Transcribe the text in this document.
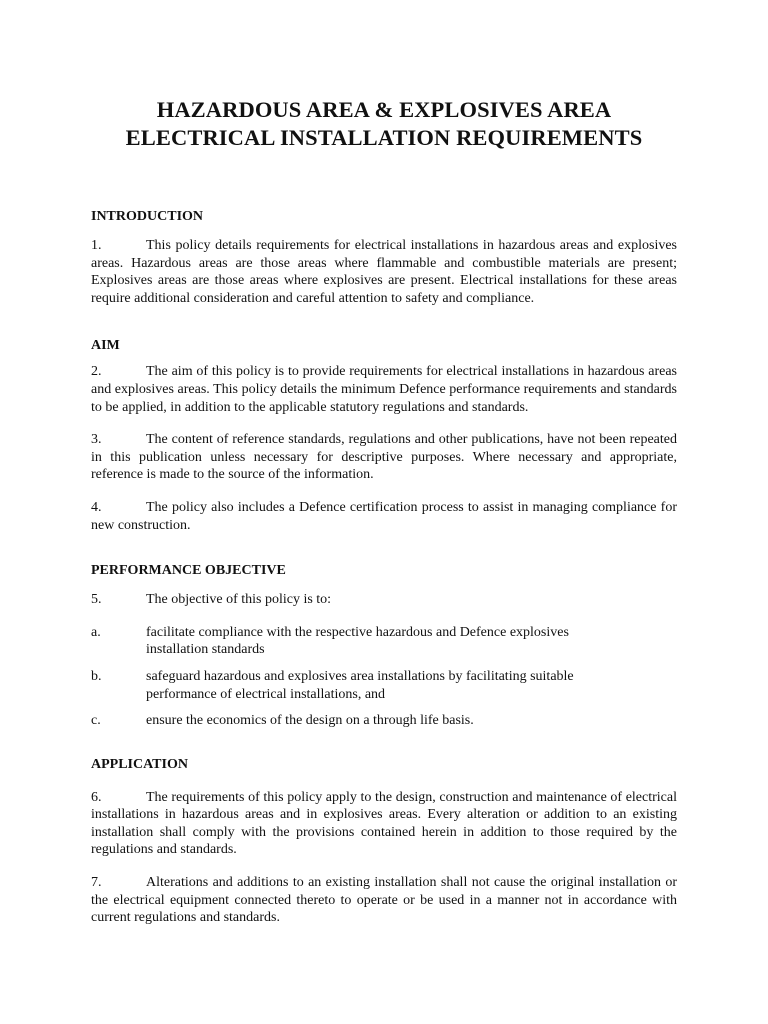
HAZARDOUS AREA & EXPLOSIVES AREA
ELECTRICAL INSTALLATION REQUIREMENTS
INTRODUCTION

1.	This policy details requirements for electrical installations in hazardous areas and explosives areas. Hazardous areas are those areas where flammable and combustible materials are present; Explosives areas are those areas where explosives are present. Electrical installations for these areas require additional consideration and careful attention to safety and compliance.

AIM

2.	The aim of this policy is to provide requirements for electrical installations in hazardous areas and explosives areas. This policy details the minimum Defence performance requirements and standards to be applied, in addition to the applicable statutory regulations and standards.

3.	The content of reference standards, regulations and other publications, have not been repeated in this publication unless necessary for descriptive purposes. Where necessary and appropriate, reference is made to the source of the information.

4.	The policy also includes a Defence certification process to assist in managing compliance for new construction.

PERFORMANCE OBJECTIVE

5.	The objective of this policy is to:

a.	facilitate compliance with the respective hazardous and Defence explosives installation standards
b.	safeguard hazardous and explosives area installations by facilitating suitable performance of electrical installations, and
c.	ensure the economics of the design on a through life basis.
APPLICATION

6.	The requirements of this policy apply to the design, construction and maintenance of electrical installations in hazardous areas and in explosives areas. Every alteration or addition to an existing installation shall comply with the provisions contained herein in addition to those required by the regulations and standards.

7.	Alterations and additions to an existing installation shall not cause the original installation or the electrical equipment connected thereto to operate or be used in a manner not in accordance with current regulations and standards.
